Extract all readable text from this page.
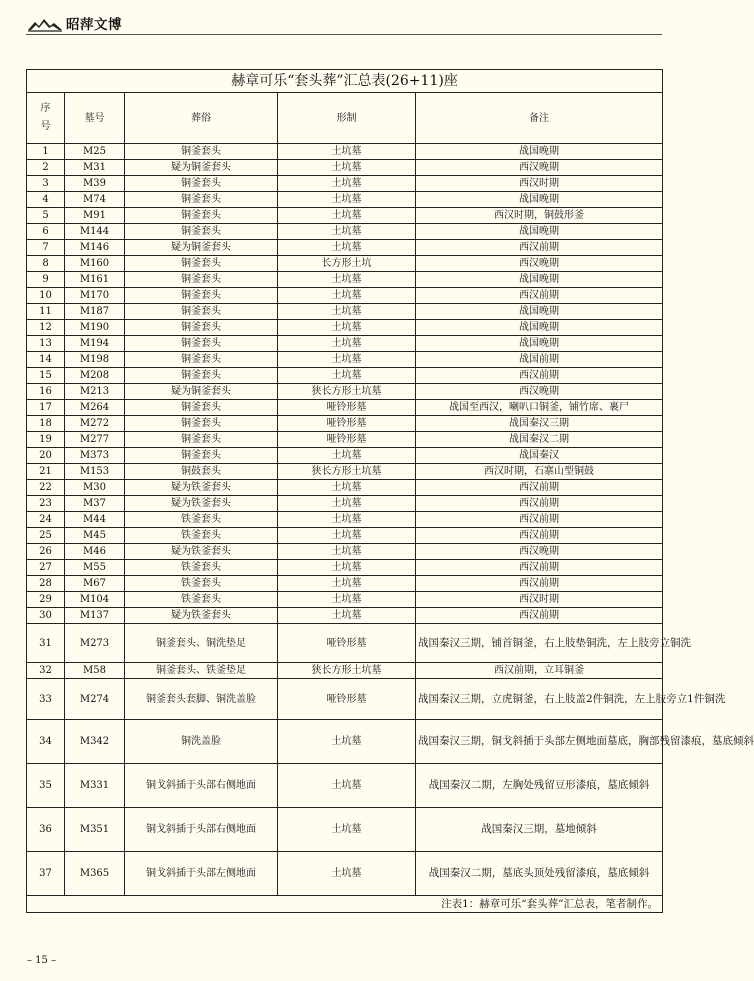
昭萍文博
赫章可乐“套头葬”汇总表(26+11)座				
序
号	墓号	葬俗	形制	备注
1	M25	铜釜套头	土坑墓	战国晚期
2	M31	疑为铜釜套头	土坑墓	西汉晚期
3	M39	铜釜套头	土坑墓	西汉时期
4	M74	铜釜套头	土坑墓	战国晚期
5	M91	铜釜套头	土坑墓	西汉时期，铜鼓形釜
6	M144	铜釜套头	土坑墓	战国晚期
7	M146	疑为铜釜套头	土坑墓	西汉前期
8	M160	铜釜套头	长方形土坑	西汉晚期
9	M161	铜釜套头	土坑墓	战国晚期
10	M170	铜釜套头	土坑墓	西汉前期
11	M187	铜釜套头	土坑墓	战国晚期
12	M190	铜釜套头	土坑墓	战国晚期
13	M194	铜釜套头	土坑墓	战国晚期
14	M198	铜釜套头	土坑墓	战国前期
15	M208	铜釜套头	土坑墓	西汉前期
16	M213	疑为铜釜套头	狭长方形土坑墓	西汉晚期
17	M264	铜釜套头	哑铃形墓	战国至西汉，喇叭口铜釜，铺竹席、裹尸
18	M272	铜釜套头	哑铃形墓	战国秦汉三期
19	M277	铜釜套头	哑铃形墓	战国秦汉二期
20	M373	铜釜套头	土坑墓	战国秦汉
21	M153	铜鼓套头	狭长方形土坑墓	西汉时期，石寨山型铜鼓
22	M30	疑为铁釜套头	土坑墓	西汉前期
23	M37	疑为铁釜套头	土坑墓	西汉前期
24	M44	铁釜套头	土坑墓	西汉前期
25	M45	铁釜套头	土坑墓	西汉前期
26	M46	疑为铁釜套头	土坑墓	西汉晚期
27	M55	铁釜套头	土坑墓	西汉前期
28	M67	铁釜套头	土坑墓	西汉前期
29	M104	铁釜套头	土坑墓	西汉时期
30	M137	疑为铁釜套头	土坑墓	西汉前期
31	M273	铜釜套头、铜洗垫足	哑铃形墓	战国秦汉三期，铺首铜釜，右上肢垫铜洗，左上肢旁立铜洗
32	M58	铜釜套头、铁釜垫足	狭长方形土坑墓	西汉前期，立耳铜釜
33	M274	铜釜套头套脚、铜洗盖脸	哑铃形墓	战国秦汉三期，立虎铜釜，右上肢盖2件铜洗，左上肢旁立1件铜洗
34	M342	铜洗盖脸	土坑墓	战国秦汉三期，铜戈斜插于头部左侧地面墓底，胸部残留漆痕，墓底倾斜
35	M331	铜戈斜插于头部右侧地面	土坑墓	战国秦汉二期，左胸处残留豆形漆痕，墓底倾斜
36	M351	铜戈斜插于头部右侧地面	土坑墓	战国秦汉三期，墓地倾斜
37	M365	铜戈斜插于头部左侧地面	土坑墓	战国秦汉二期，墓底头顶处残留漆痕，墓底倾斜
注表1：赫章可乐“套头葬”汇总表，笔者制作。				
– 15 –
